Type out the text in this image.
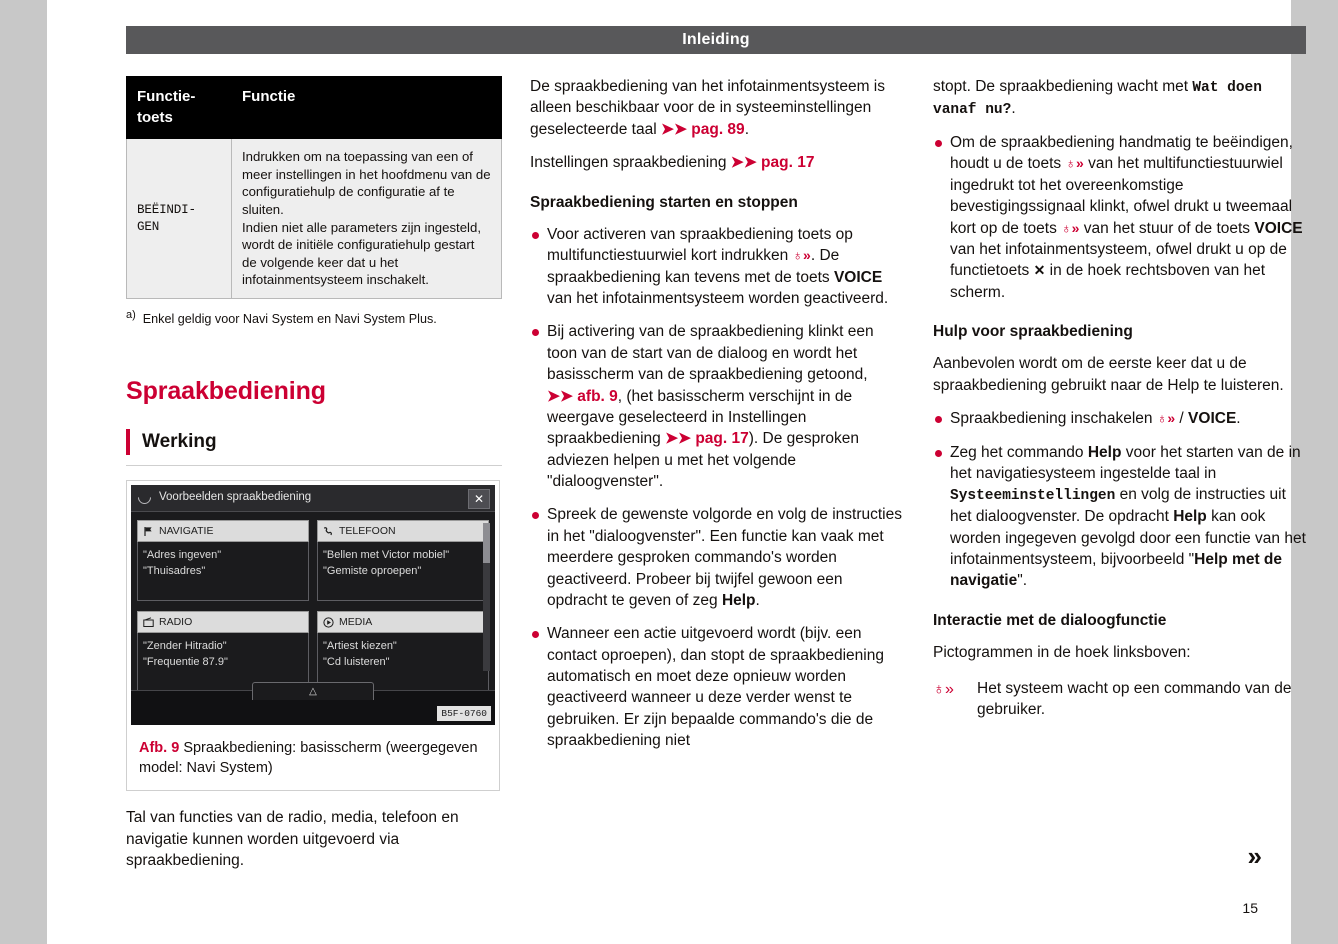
Inleiding
Functie-toets	Functie
BEËINDI-
GEN	Indrukken om na toepassing van een of meer instellingen in het hoofdmenu van de configuratiehulp de configuratie af te sluiten.
Indien niet alle parameters zijn ingesteld, wordt de initiële configuratiehulp gestart de volgende keer dat u het infotainmentsysteem inschakelt.
$^{a)}$ Enkel geldig voor Navi System en Navi System Plus.
Spraakbediening
Werking
Voorbeelden spraakbediening	✕
NAVIGATIE
"Adres ingeven"
"Thuisadres"
RADIO
"Zender Hitradio"
"Frequentie 87.9"
TELEFOON
"Bellen met Victor mobiel"
"Gemiste oproepen"
MEDIA
"Artiest kiezen"
"Cd luisteren"
△
B5F-0760
Afb. 9 Spraakbediening: basisscherm (weergegeven model: Navi System)

Tal van functies van de radio, media, telefoon en navigatie kunnen worden uitgevoerd via spraakbediening.

De spraakbediening van het infotainmentsysteem is alleen beschikbaar voor de in systeeminstellingen geselecteerde taal ➤➤ pag. 89.

Instellingen spraakbediening ➤➤ pag. 17

Spraakbediening starten en stoppen
Voor activeren van spraakbediening toets op multifunctiestuurwiel kort indrukken ♁». De spraakbediening kan tevens met de toets VOICE van het infotainmentsysteem worden geactiveerd.
Bij activering van de spraakbediening klinkt een toon van de start van de dialoog en wordt het basisscherm van de spraakbediening getoond, ➤➤ afb. 9, (het basisscherm verschijnt in de weergave geselecteerd in Instellingen spraakbediening ➤➤ pag. 17). De gesproken adviezen helpen u met het volgende "dialoogvenster".
Spreek de gewenste volgorde en volg de instructies in het "dialoogvenster". Een functie kan vaak met meerdere gesproken commando's worden geactiveerd. Probeer bij twijfel gewoon een opdracht te geven of zeg Help.
Wanneer een actie uitgevoerd wordt (bijv. een contact oproepen), dan stopt de spraakbediening automatisch en moet deze opnieuw worden geactiveerd wanneer u deze verder wenst te gebruiken. Er zijn bepaalde commando's die de spraakbediening niet

stopt. De spraakbediening wacht met Wat doen vanaf nu?.

Om de spraakbediening handmatig te beëindigen, houdt u de toets ♁» van het multifunctiestuurwiel ingedrukt tot het overeenkomstige bevestigingssignaal klinkt, ofwel drukt u tweemaal kort op de toets ♁» van het stuur of de toets VOICE van het infotainmentsysteem, ofwel drukt u op de functietoets ✕ in de hoek rechtsboven van het scherm.
Hulp voor spraakbediening

Aanbevolen wordt om de eerste keer dat u de spraakbediening gebruikt naar de Help te luisteren.

Spraakbediening inschakelen ♁» / VOICE.
Zeg het commando Help voor het starten van de in het navigatiesysteem ingestelde taal in Systeeminstellingen en volg de instructies uit het dialoogvenster. De opdracht Help kan ook worden ingegeven gevolgd door een functie van het infotainmentsysteem, bijvoorbeeld "Help met de navigatie".
Interactie met de dialoogfunctie

Pictogrammen in de hoek linksboven:

♁»	Het systeem wacht op een commando van de gebruiker.
»
15
